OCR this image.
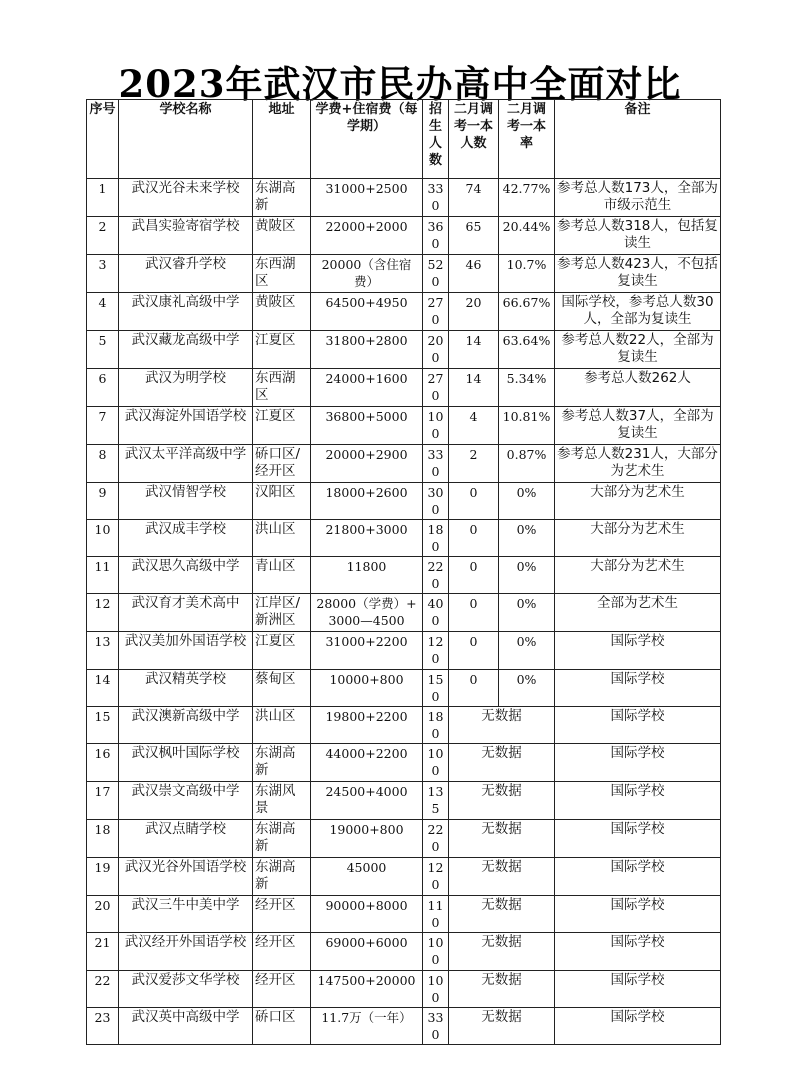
2023年武汉市民办高中全面对比
序号	学校名称	地址	学费+住宿费（每学期）	招生人数	二月调考一本人数	二月调考一本率	备注
1	武汉光谷未来学校	东湖高新	31000+2500	330	74	42.77%	参考总人数173人，全部为市级示范生
2	武昌实验寄宿学校	黄陂区	22000+2000	360	65	20.44%	参考总人数318人，包括复读生
3	武汉睿升学校	东西湖区	20000（含住宿费）	520	46	10.7%	参考总人数423人，不包括复读生
4	武汉康礼高级中学	黄陂区	64500+4950	270	20	66.67%	国际学校，参考总人数30人，全部为复读生
5	武汉藏龙高级中学	江夏区	31800+2800	200	14	63.64%	参考总人数22人，全部为复读生
6	武汉为明学校	东西湖区	24000+1600	270	14	5.34%	参考总人数262人
7	武汉海淀外国语学校	江夏区	36800+5000	100	4	10.81%	参考总人数37人，全部为复读生
8	武汉太平洋高级中学	硚口区/经开区	20000+2900	330	2	0.87%	参考总人数231人，大部分为艺术生
9	武汉情智学校	汉阳区	18000+2600	300	0	0%	大部分为艺术生
10	武汉成丰学校	洪山区	21800+3000	180	0	0%	大部分为艺术生
11	武汉思久高级中学	青山区	11800	220	0	0%	大部分为艺术生
12	武汉育才美术高中	江岸区/新洲区	28000（学费）+3000—4500	400	0	0%	全部为艺术生
13	武汉美加外国语学校	江夏区	31000+2200	120	0	0%	国际学校
14	武汉精英学校	蔡甸区	10000+800	150	0	0%	国际学校
15	武汉澳新高级中学	洪山区	19800+2200	180	无数据		国际学校
16	武汉枫叶国际学校	东湖高新	44000+2200	100	无数据		国际学校
17	武汉崇文高级中学	东湖风景	24500+4000	135	无数据		国际学校
18	武汉点睛学校	东湖高新	19000+800	220	无数据		国际学校
19	武汉光谷外国语学校	东湖高新	45000	120	无数据		国际学校
20	武汉三牛中美中学	经开区	90000+8000	110	无数据		国际学校
21	武汉经开外国语学校	经开区	69000+6000	100	无数据		国际学校
22	武汉爱莎文华学校	经开区	147500+20000	100	无数据		国际学校
23	武汉英中高级中学	硚口区	11.7万（一年）	330	无数据		国际学校
